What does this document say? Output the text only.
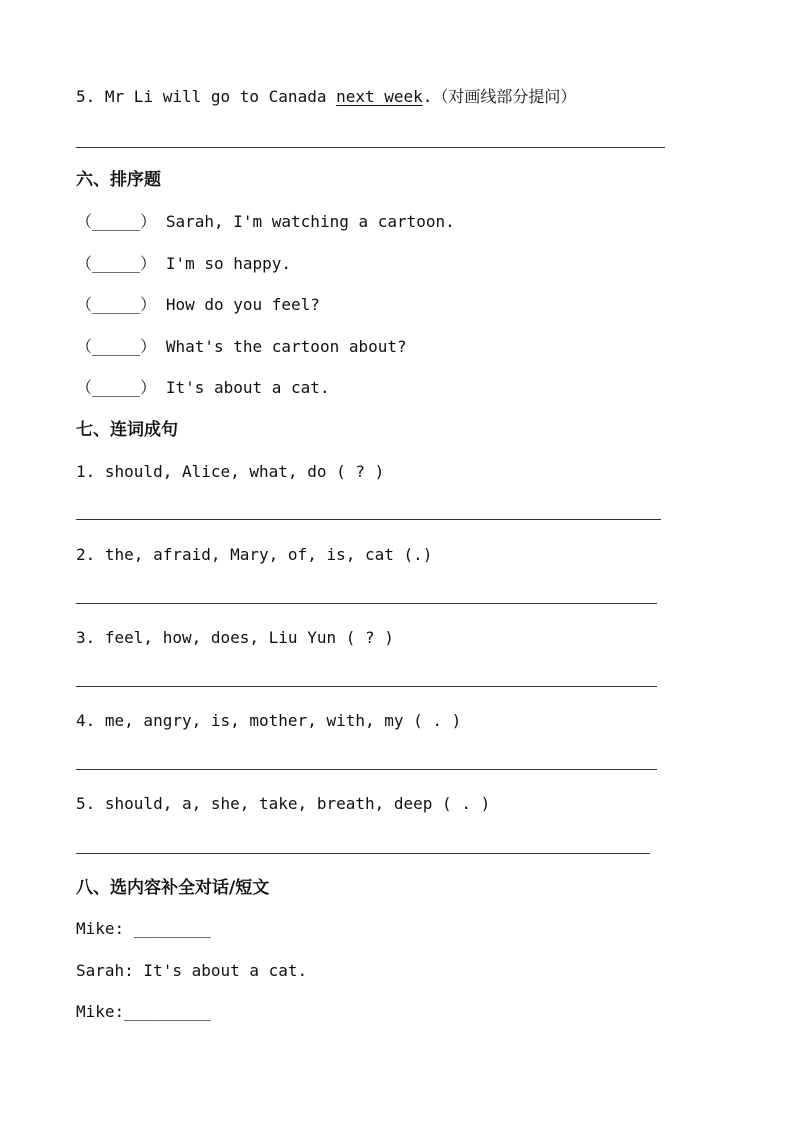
5. Mr Li will go to Canada next week.（对画线部分提问）
六、排序题
（_____） Sarah, I'm watching a cartoon.
（_____） I'm so happy.
（_____） How do you feel?
（_____） What's the cartoon about?
（_____） It's about a cat.
七、连词成句
1. should, Alice, what, do ( ? )
2. the, afraid, Mary, of, is, cat (.)
3. feel, how, does, Liu Yun ( ? )
4. me, angry, is, mother, with, my ( . )
5. should, a, she, take, breath, deep ( . )
八、选内容补全对话/短文
Mike: ________
Sarah: It's about a cat.
Mike:_________
